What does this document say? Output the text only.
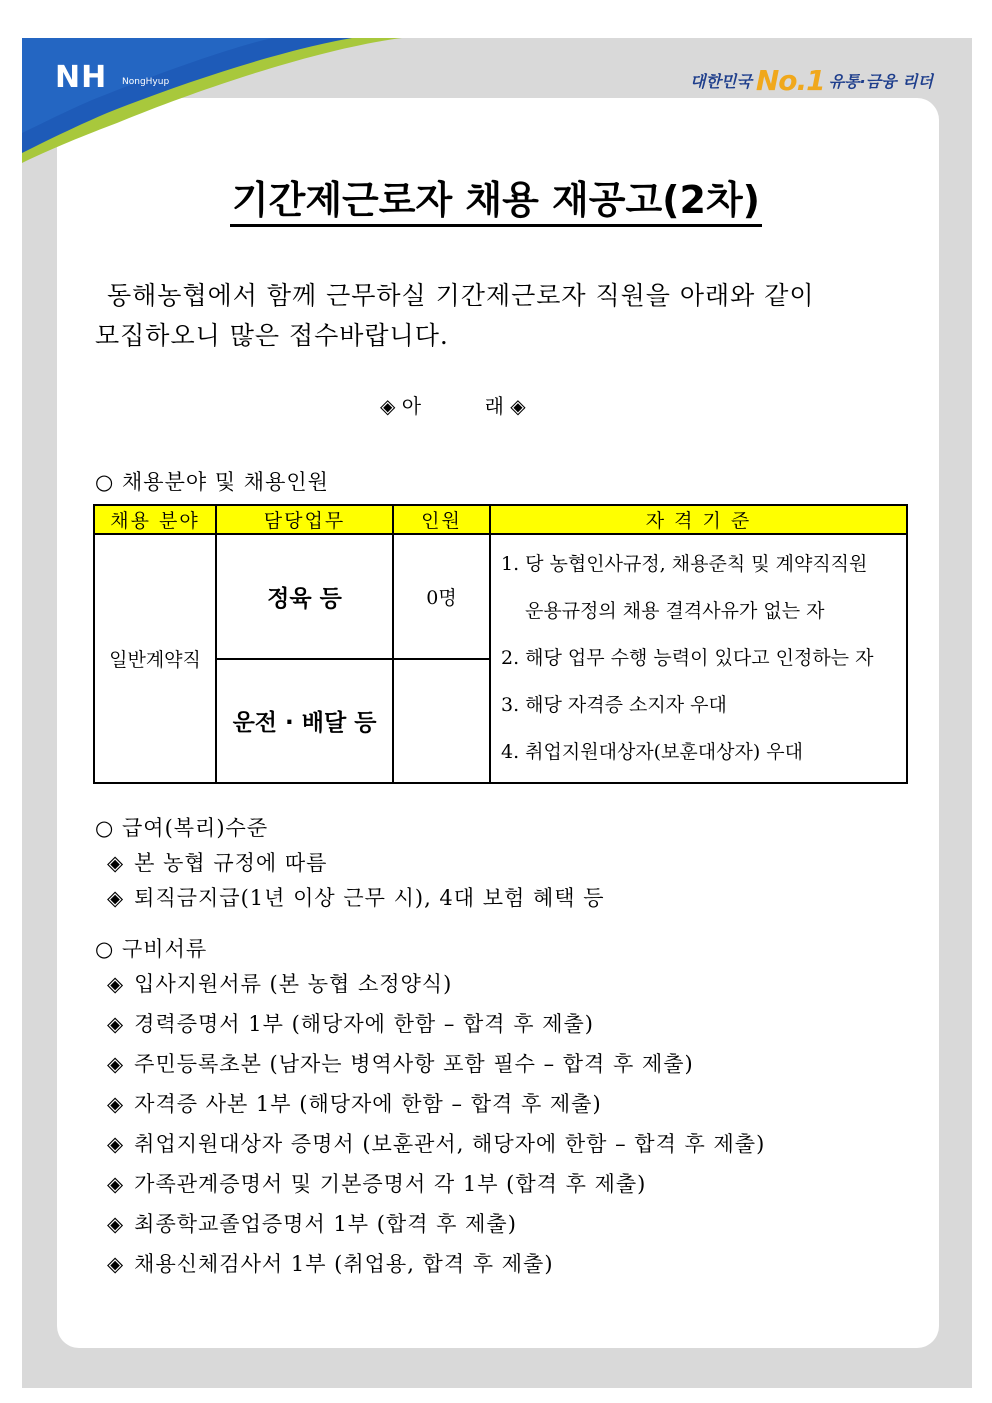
NH NongHyup	대한민국 No.1 유통·금융 리더
기간제근로자 채용 재공고(2차)
동해농협에서 함께 근무하실 기간제근로자 직원을 아래와 같이
모집하오니 많은 접수바랍니다.
◈ 아          래 ◈
○ 채용분야 및 채용인원
채용 분야	담당업무	인원	자 격 기 준
일반계약직	정육 등	0명	1. 당 농협인사규정, 채용준칙 및 계약직직원
운용규정의 채용 결격사유가 없는 자
2. 해당 업무 수행 능력이 있다고 인정하는 자
3. 해당 자격증 소지자 우대
4. 취업지원대상자(보훈대상자) 우대

	운전 · 배달 등		
○ 급여(복리)수준
◈ 본 농협 규정에 따름
◈ 퇴직금지급(1년 이상 근무 시), 4대 보험 혜택 등
○ 구비서류
◈ 입사지원서류 (본 농협 소정양식)
◈ 경력증명서 1부 (해당자에 한함 – 합격 후 제출)
◈ 주민등록초본 (남자는 병역사항 포함 필수 – 합격 후 제출)
◈ 자격증 사본 1부 (해당자에 한함 – 합격 후 제출)
◈ 취업지원대상자 증명서 (보훈관서, 해당자에 한함 – 합격 후 제출)
◈ 가족관계증명서 및 기본증명서 각 1부 (합격 후 제출)
◈ 최종학교졸업증명서 1부 (합격 후 제출)
◈ 채용신체검사서 1부 (취업용, 합격 후 제출)
